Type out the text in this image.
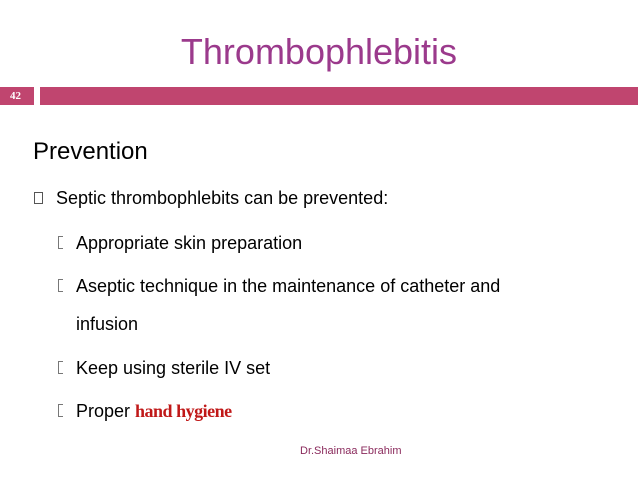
Thrombophlebitis
42
Prevention
Septic thrombophlebits can be prevented:
Appropriate skin preparation
Aseptic technique in the maintenance of catheter and
infusion
Keep using sterile IV set
Proper hand hygiene
Dr.Shaimaa Ebrahim
